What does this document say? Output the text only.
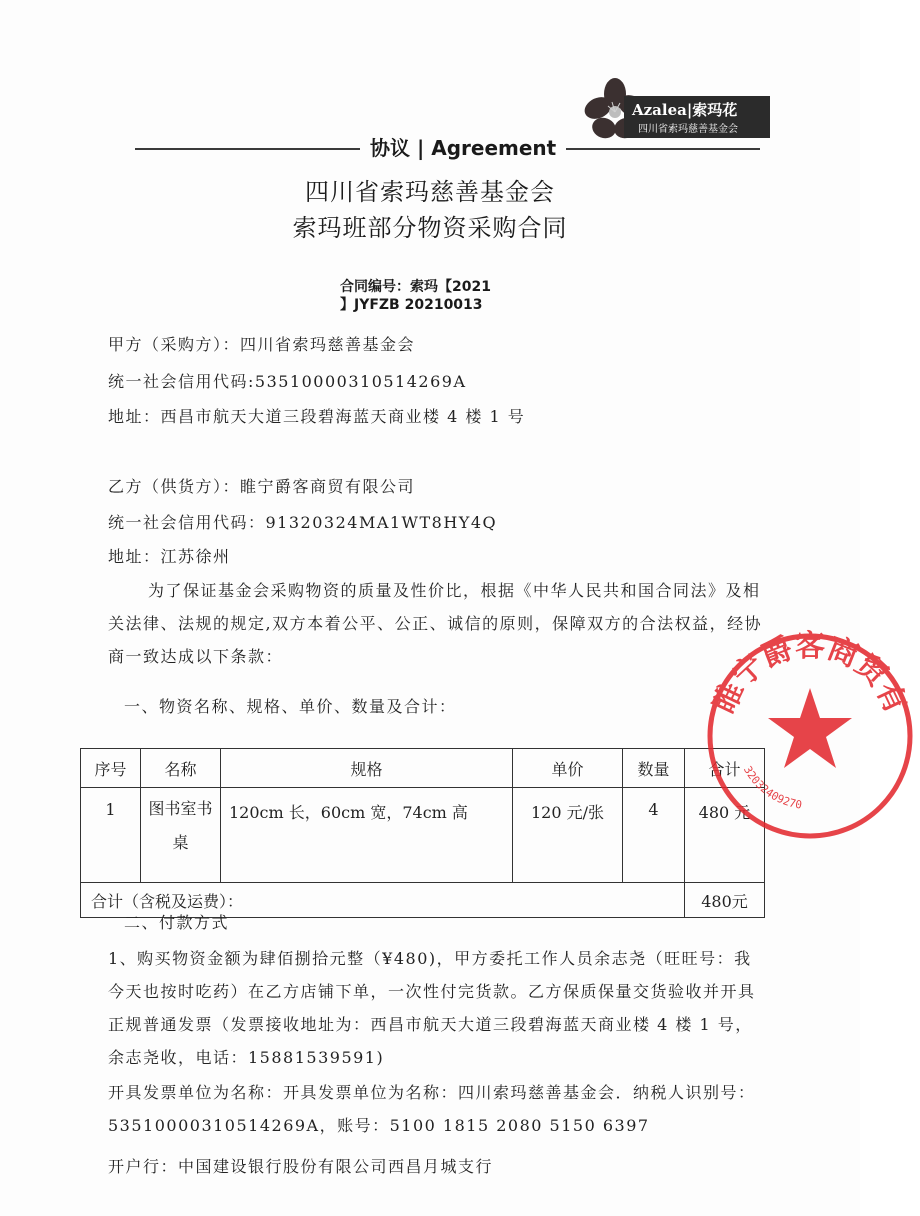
Azalea|索玛花
四川省索玛慈善基金会
协议 | Agreement
四川省索玛慈善基金会
索玛班部分物资采购合同
合同编号：索玛【2021
】JYFZB 20210013
甲方（采购方）：四川省索玛慈善基金会
统一社会信用代码:53510000310514269A
地址：西昌市航天大道三段碧海蓝天商业楼 4 楼 1 号
乙方（供货方）：睢宁爵客商贸有限公司
统一社会信用代码：91320324MA1WT8HY4Q
地址：江苏徐州
为了保证基金会采购物资的质量及性价比，根据《中华人民共和国合同法》及相关法律、法规的规定,双方本着公平、公正、诚信的原则，保障双方的合法权益，经协商一致达成以下条款：
一、物资名称、规格、单价、数量及合计：
序号	名称	规格	单价	数量	合计
1	图书室书桌	120cm 长，60cm 宽，74cm 高	120 元/张	4	480 元
合计（含税及运费）：					480元
二、付款方式
1、购买物资金额为肆佰捌拾元整（¥480)，甲方委托工作人员余志尧（旺旺号：我今天也按时吃药）在乙方店铺下单，一次性付完货款。乙方保质保量交货验收并开具正规普通发票（发票接收地址为：西昌市航天大道三段碧海蓝天商业楼 4 楼 1 号，余志尧收，电话：15881539591)
开具发票单位为名称：开具发票单位为名称：四川索玛慈善基金会．纳税人识别号：53510000310514269A，账号：5100 1815 2080 5150 6397
开户行：中国建设银行股份有限公司西昌月城支行
睢宁爵客商贸有
32032409270
